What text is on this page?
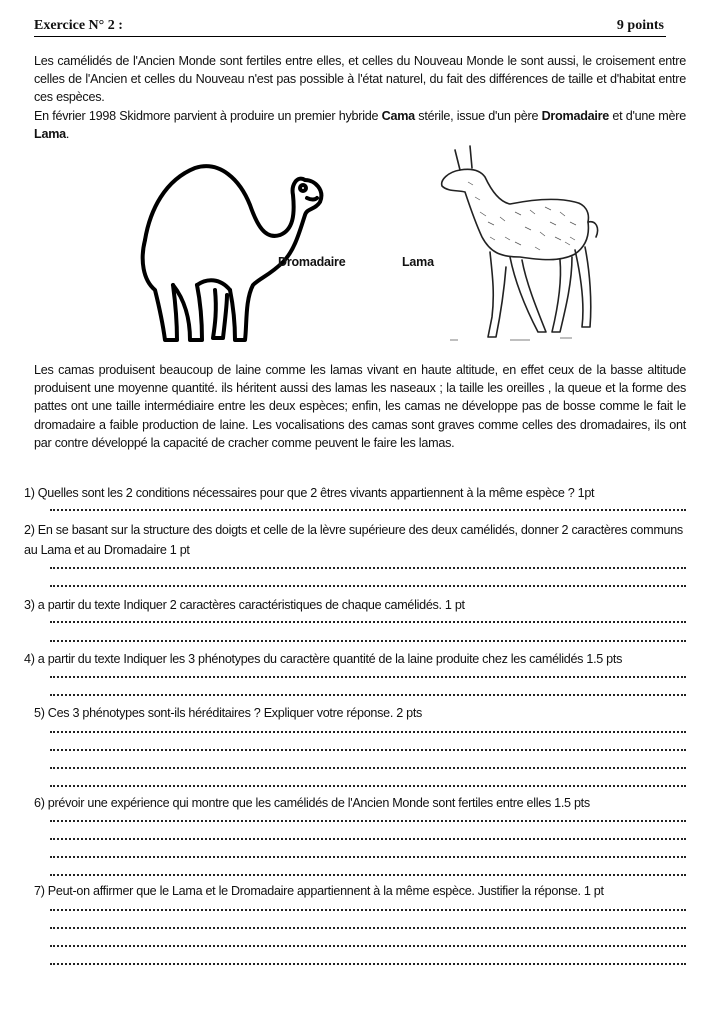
Exercice N° 2 :	9 points
Les camélidés de l'Ancien Monde sont fertiles entre elles, et celles du Nouveau Monde le sont aussi, le croisement entre celles de l'Ancien et celles du Nouveau n'est pas possible à l'état naturel, du fait des différences de taille et d'habitat entre ces espèces.
En février 1998 Skidmore parvient à produire un premier hybride Cama stérile, issue d'un père Dromadaire et d'une mère Lama.
Dromadaire	Lama
Les camas produisent beaucoup de laine comme les lamas vivant en haute altitude, en effet ceux de la basse altitude produisent une moyenne quantité. ils héritent aussi des lamas les naseaux ; la taille les oreilles , la queue et la forme des pattes ont une taille intermédiaire entre les deux espèces; enfin, les camas ne développe pas de bosse comme le fait le dromadaire a faible production de laine. Les vocalisations des camas sont graves comme celles des dromadaires, ils ont par contre développé la capacité de cracher comme peuvent le faire les lamas.
1) Quelles sont les 2 conditions nécessaires pour que 2 êtres vivants appartiennent à la même espèce ? 1pt
2) En se basant sur la structure des doigts et celle de la lèvre supérieure des deux camélidés, donner 2 caractères communs au Lama et au Dromadaire 1 pt
3) a partir du texte Indiquer 2 caractères caractéristiques de chaque camélidés. 1 pt
4) a partir du texte Indiquer les 3 phénotypes du caractère quantité de la laine produite chez les camélidés 1.5 pts
5) Ces 3 phénotypes sont-ils héréditaires ? Expliquer votre réponse. 2 pts
6) prévoir une expérience qui montre que les camélidés de l'Ancien Monde sont fertiles entre elles 1.5 pts
7) Peut-on affirmer que le Lama et le Dromadaire appartiennent à la même espèce. Justifier la réponse. 1 pt
